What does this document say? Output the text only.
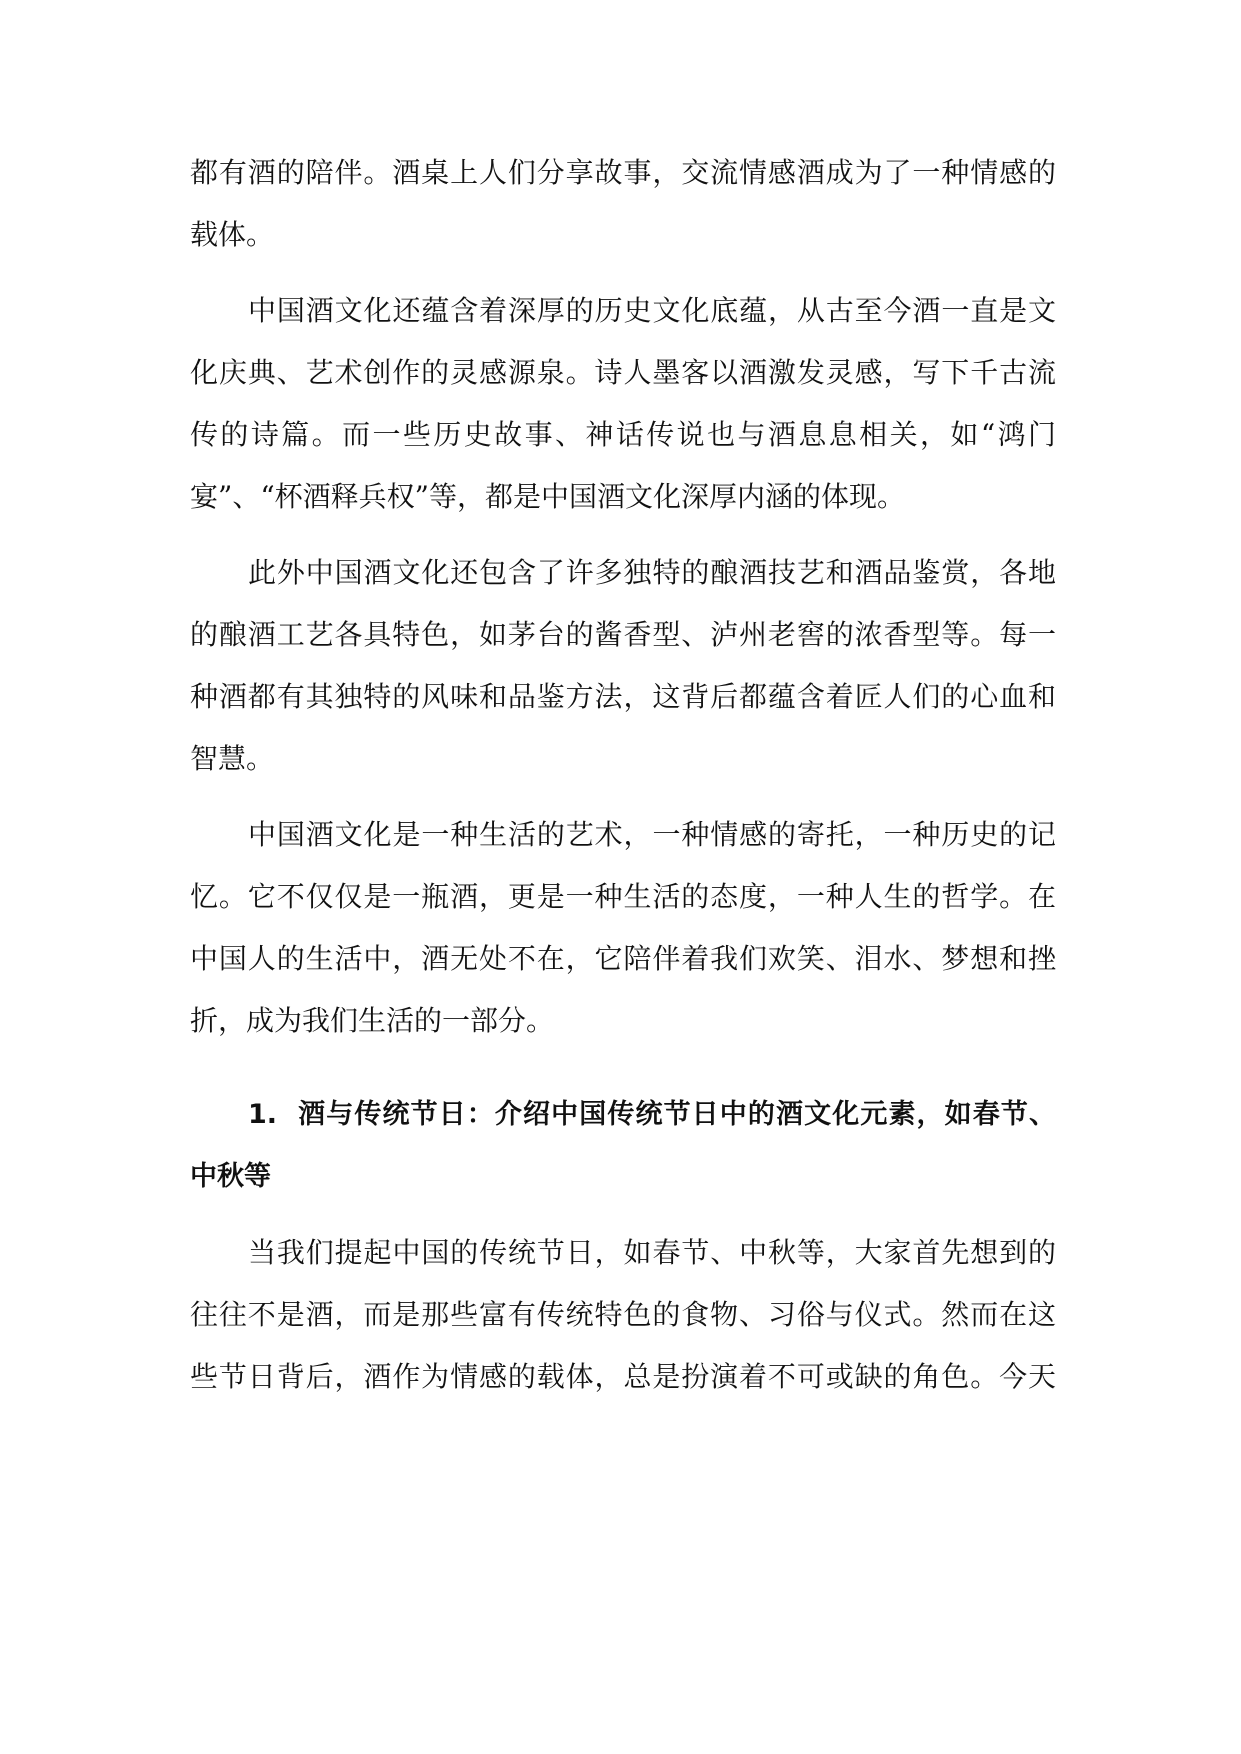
都有酒的陪伴。酒桌上人们分享故事，交流情感酒成为了一种情感的
载体。
中国酒文化还蕴含着深厚的历史文化底蕴，从古至今酒一直是文
化庆典、艺术创作的灵感源泉。诗人墨客以酒激发灵感，写下千古流
传的诗篇。而一些历史故事、神话传说也与酒息息相关，如“鸿门
宴”、“杯酒释兵权”等，都是中国酒文化深厚内涵的体现。
此外中国酒文化还包含了许多独特的酿酒技艺和酒品鉴赏，各地
的酿酒工艺各具特色，如茅台的酱香型、泸州老窖的浓香型等。每一
种酒都有其独特的风味和品鉴方法，这背后都蕴含着匠人们的心血和
智慧。
中国酒文化是一种生活的艺术，一种情感的寄托，一种历史的记
忆。它不仅仅是一瓶酒，更是一种生活的态度，一种人生的哲学。在
中国人的生活中，酒无处不在，它陪伴着我们欢笑、泪水、梦想和挫
折，成为我们生活的一部分。
1. 酒与传统节日：介绍中国传统节日中的酒文化元素，如春节、
中秋等
当我们提起中国的传统节日，如春节、中秋等，大家首先想到的
往往不是酒，而是那些富有传统特色的食物、习俗与仪式。然而在这
些节日背后，酒作为情感的载体，总是扮演着不可或缺的角色。今天
